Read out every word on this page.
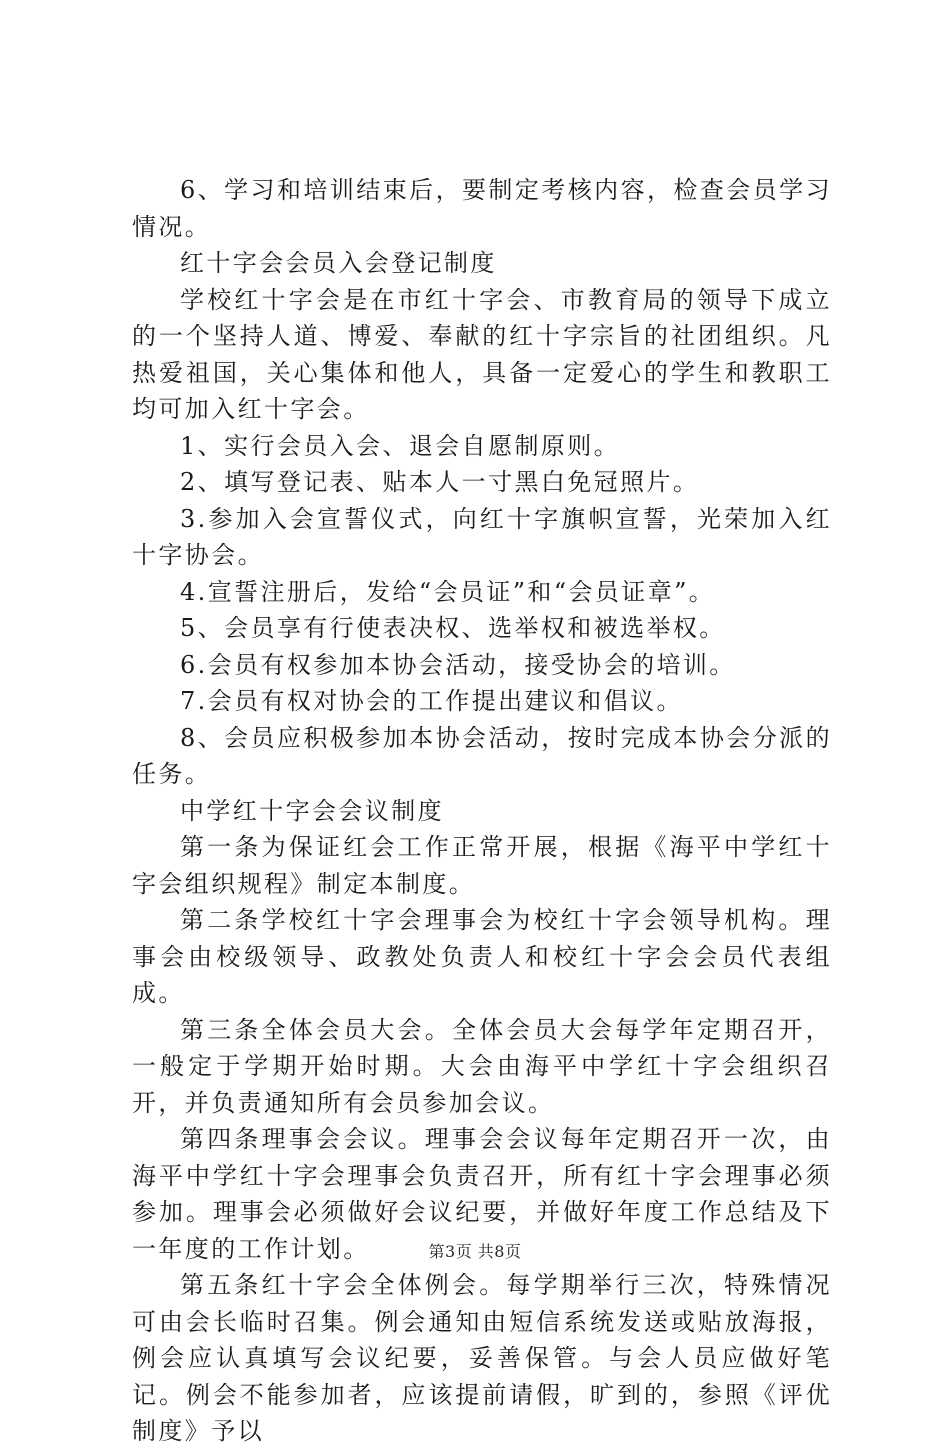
6、学习和培训结束后，要制定考核内容，检查会员学习情况。

红十字会会员入会登记制度

学校红十字会是在市红十字会、市教育局的领导下成立的一个坚持人道、博爱、奉献的红十字宗旨的社团组织。凡热爱祖国，关心集体和他人，具备一定爱心的学生和教职工均可加入红十字会。

1、实行会员入会、退会自愿制原则。

2、填写登记表、贴本人一寸黑白免冠照片。

3.参加入会宣誓仪式，向红十字旗帜宣誓，光荣加入红十字协会。

4.宣誓注册后，发给“会员证”和“会员证章”。

5、会员享有行使表决权、选举权和被选举权。

6.会员有权参加本协会活动，接受协会的培训。

7.会员有权对协会的工作提出建议和倡议。

8、会员应积极参加本协会活动，按时完成本协会分派的任务。

中学红十字会会议制度

第一条为保证红会工作正常开展，根据《海平中学红十字会组织规程》制定本制度。

第二条学校红十字会理事会为校红十字会领导机构。理事会由校级领导、政教处负责人和校红十字会会员代表组成。

第三条全体会员大会。全体会员大会每学年定期召开，一般定于学期开始时期。大会由海平中学红十字会组织召开，并负责通知所有会员参加会议。

第四条理事会会议。理事会会议每年定期召开一次，由海平中学红十字会理事会负责召开，所有红十字会理事必须参加。理事会必须做好会议纪要，并做好年度工作总结及下一年度的工作计划。

第五条红十字会全体例会。每学期举行三次，特殊情况可由会长临时召集。例会通知由短信系统发送或贴放海报，例会应认真填写会议纪要，妥善保管。与会人员应做好笔记。例会不能参加者，应该提前请假，旷到的，参照《评优制度》予以

第3页 共8页
